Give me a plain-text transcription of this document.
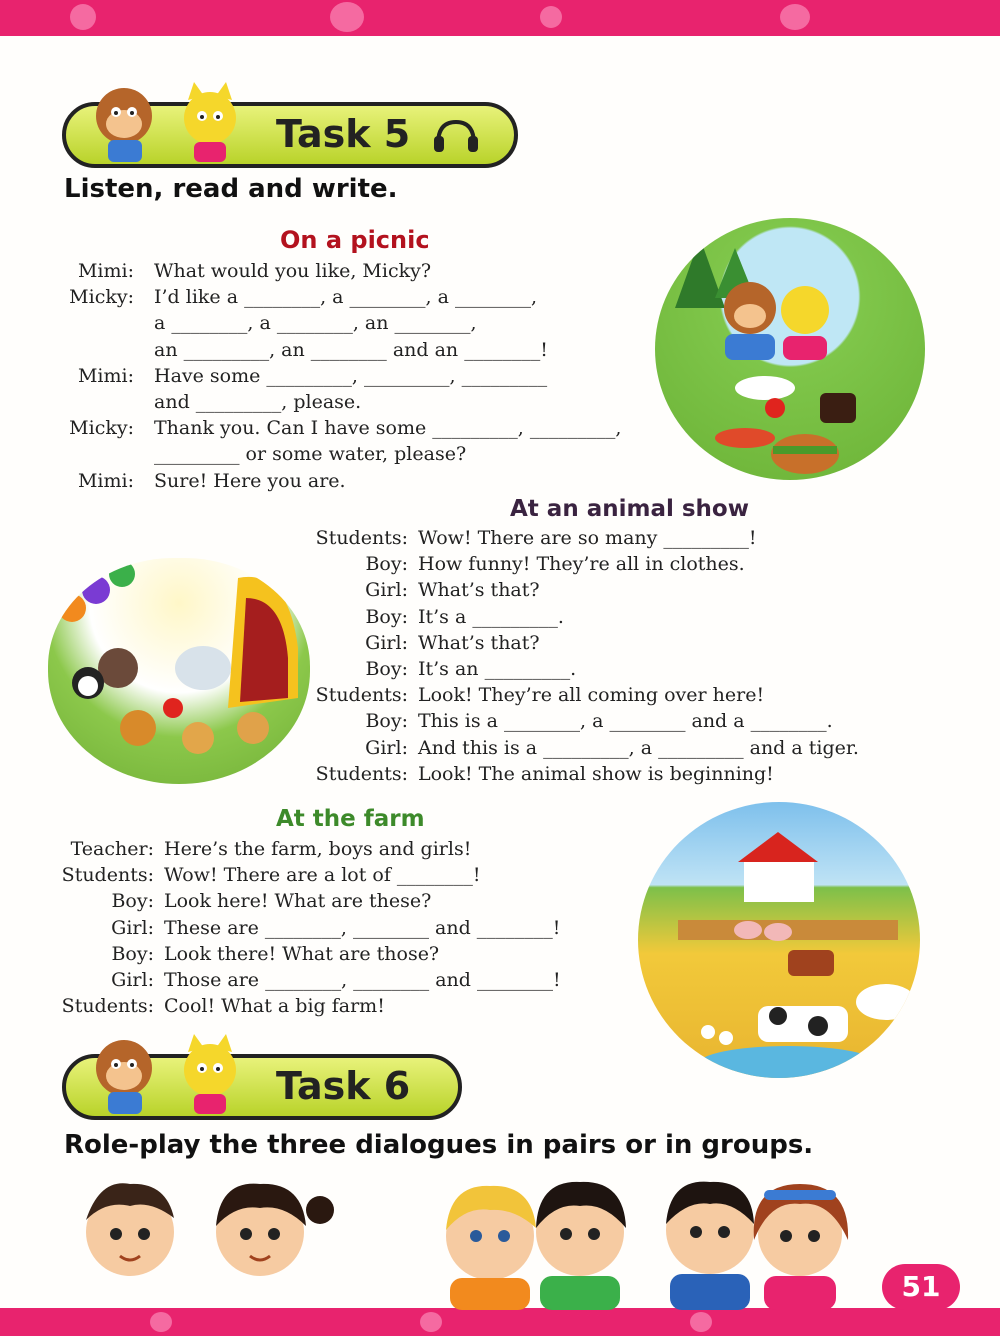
Task 5
Listen, read and write.
On a picnic
Mimi: What would you like, Micky?
Micky: I’d like a ________, a ________, a ________,
a ________, a ________, an ________,
an _________, an ________ and an ________!
Mimi: Have some _________, _________, _________
and _________, please.
Micky: Thank you. Can I have some _________, _________,
_________ or some water, please?
Mimi: Sure! Here you are.
At an animal show
Students: Wow! There are so many _________!
Boy: How funny! They’re all in clothes.
Girl: What’s that?
Boy: It’s a _________.
Girl: What’s that?
Boy: It’s an _________.
Students: Look! They’re all coming over here!
Boy: This is a ________, a ________ and a ________.
Girl: And this is a _________, a _________ and a tiger.
Students: Look! The animal show is beginning!
At the farm
Teacher: Here’s the farm, boys and girls!
Students: Wow! There are a lot of ________!
Boy: Look here! What are these?
Girl: These are ________, ________ and ________!
Boy: Look there! What are those?
Girl: Those are ________, ________ and ________!
Students: Cool! What a big farm!
Task 6
Role-play the three dialogues in pairs or in groups.
51
